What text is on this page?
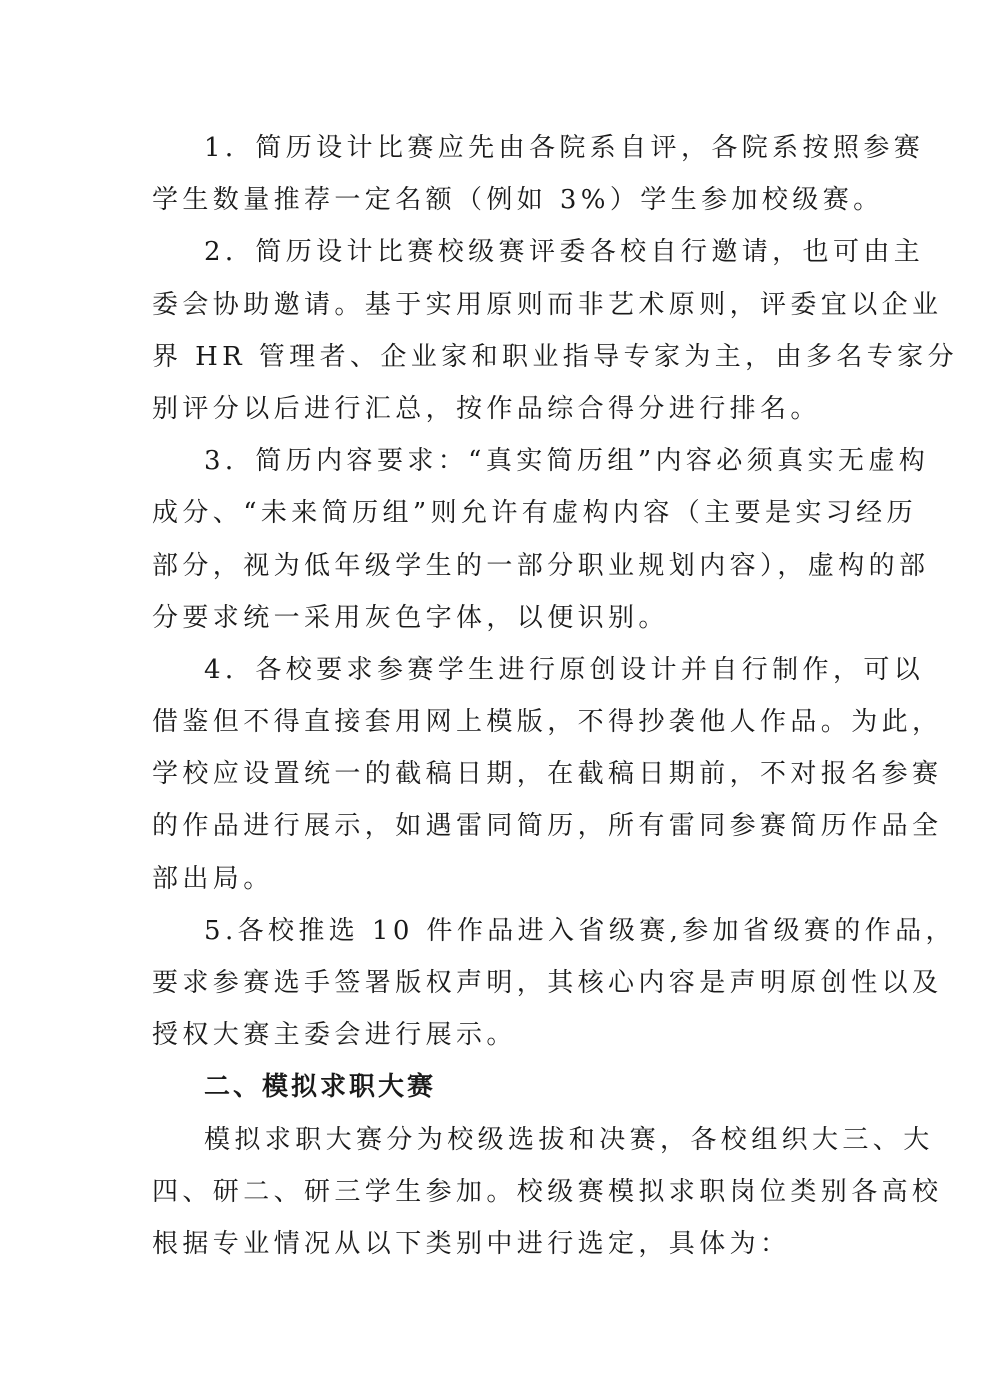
1．简历设计比赛应先由各院系自评，各院系按照参赛
学生数量推荐一定名额（例如 3%）学生参加校级赛。
2．简历设计比赛校级赛评委各校自行邀请，也可由主
委会协助邀请。基于实用原则而非艺术原则，评委宜以企业
界 HR 管理者、企业家和职业指导专家为主，由多名专家分
别评分以后进行汇总，按作品综合得分进行排名。
3．简历内容要求：“真实简历组”内容必须真实无虚构
成分、“未来简历组”则允许有虚构内容（主要是实习经历
部分，视为低年级学生的一部分职业规划内容），虚构的部
分要求统一采用灰色字体，以便识别。
4．各校要求参赛学生进行原创设计并自行制作，可以
借鉴但不得直接套用网上模版，不得抄袭他人作品。为此，
学校应设置统一的截稿日期，在截稿日期前，不对报名参赛
的作品进行展示，如遇雷同简历，所有雷同参赛简历作品全
部出局。
5.各校推选 10 件作品进入省级赛,参加省级赛的作品，
要求参赛选手签署版权声明，其核心内容是声明原创性以及
授权大赛主委会进行展示。
二、模拟求职大赛
模拟求职大赛分为校级选拔和决赛，各校组织大三、大
四、研二、研三学生参加。校级赛模拟求职岗位类别各高校
根据专业情况从以下类别中进行选定，具体为：
